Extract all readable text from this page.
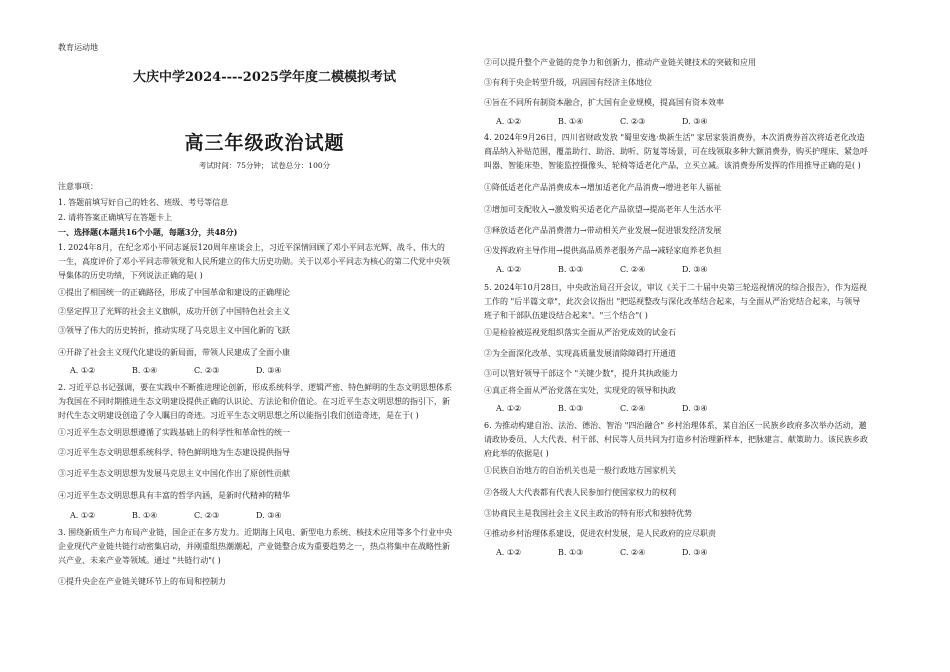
教育运动地
大庆中学2024----2025学年度二模模拟考试
高三年级政治试题
考试时间：75分钟； 试卷总分：100分
注意事项：
1. 答题前填写好自己的姓名、班级、考号等信息
2. 请将答案正确填写在答题卡上
一、选择题(本题共16个小题，每题3分，共48分)
1. 2024年8月，在纪念邓小平同志诞辰120周年座谈会上，习近平深情回顾了邓小平同志光辉、战斗、伟大的
一生，高度评价了邓小平同志带领党和人民所建立的伟大历史功勋。关于以邓小平同志为核心的第二代党中央领
导集体的历史功绩，下列说法正确的是( )
①提出了相国统一的正确路径，形成了中国革命和建设的正确理论
②坚定捍卫了光辉的社会主义旗帜，成功开创了中国特色社会主义
③领导了伟大的历史转折，推动实现了马克思主义中国化新的飞跃
④开辟了社会主义现代化建设的新局面，带领人民建成了全面小康
A. ①②	B. ①④	C. ②③	D. ③④
2. 习近平总书记强调，要在实践中不断推进理论创新，形成系统科学、逻辑严密、特色鲜明的生态文明思想体系
为我国在不同时期推进生态文明建设提供正确的认识论、方法论和价值论。在习近平生态文明思想的指引下，新
时代生态文明建设创造了令人瞩目的奇迹。习近平生态文明思想之所以能指引我们创造奇迹，是在于( )
①习近平生态文明思想遵循了实践基础上的科学性和革命性的统一
②习近平生态文明思想系统科学、特色鲜明地为生态建设提供指导
③习近平生态文明思想为发展马克思主义中国化作出了原创性贡献
④习近平生态文明思想具有丰富的哲学内涵，是新时代精神的精华
A. ①②	B. ①④	C. ②③	D. ③④
3. 围绕新质生产力布局产业链，国企正在多方发力。近期海上风电、新型电力系统、核技术应用等多个行业中央
企业现代产业链共链行动密集启动，并刚重组热潮潮起，产业链整合成为重要趋势之一，热点将集中在战略性新
兴产业、未来产业等领域。通过 "共链行动"( )
①提升央企在产业链关键环节上的布局和控制力
②可以提升整个产业链的竞争力和创新力，推动产业链关键技术的突破和应用
③有利于央企转型升级，巩固国有经济主体地位
④旨在不同所有制资本融合，扩大国有企业规模，提高国有资本效率
A. ①②	B. ①④	C. ②③	D. ③④
4. 2024年9月26日，四川省财政发放 "蜀里安逸·焕新生活" 家居家装消费券，本次消费券首次将适老化改造
商品纳入补贴范围，覆盖助行、助浴、助听、防复等场景，可在线领取多种大额消费券，购买护理床、紧急呼
叫器、智能床垫、智能监控摄像头、轮椅等适老化产品，立买立减。该消费券所发挥的作用推导正确的是( )
①降低适老化产品消费成本→增加适老化产品消费→增进老年人福祉
②增加可支配收入→激发购买适老化产品欲望→提高老年人生活水平
③释放适老化产品消费潜力→带动相关产业发展→促进银发经济发展
④发挥政府主导作用→提供高品质养老服务产品→减轻家庭养老负担
A. ①②	B. ①③	C. ②④	D. ③④
5. 2024年10月28日，中央政治局召开会议，审议《关于二十届中央第三轮巡视情况的综合报告》，作为巡视
工作的 "后半篇文章"，此次会议指出 "把巡视整改与深化改革结合起来，与全面从严治党结合起来，与领导
班子和干部队伍建设结合起来"。"三个结合"( )
①是检验被巡视党组织落实全面从严治党成效的试金石
②为全面深化改革、实现高质量发展清除障碍打开通道
③可以管好领导干部这个 "关键少数"，提升其执政能力
④真正将全面从严治党落在实处，实现党的领导和执政
A. ①②	B. ①③	C. ②④	D. ③④
6. 为推动构建自治、法治、德治、智治 "四治融合" 乡村治理体系，某自治区一民族乡政府多次举办活动，邀
请政协委员、人大代表、村干部、村民等人员共同为打造乡村治理新样本，把脉建言、献策助力。该民族乡政
府此举的依据是( )
①民族自治地方的自治机关也是一般行政地方国家机关
②各级人大代表都有代表人民参加行使国家权力的权利
③协商民主是我国社会主义民主政治的特有形式和独特优势
④推动乡村治理体系建设，促进农村发展，是人民政府的应尽职责
A. ①②	B. ①③	C. ②④	D. ③④
